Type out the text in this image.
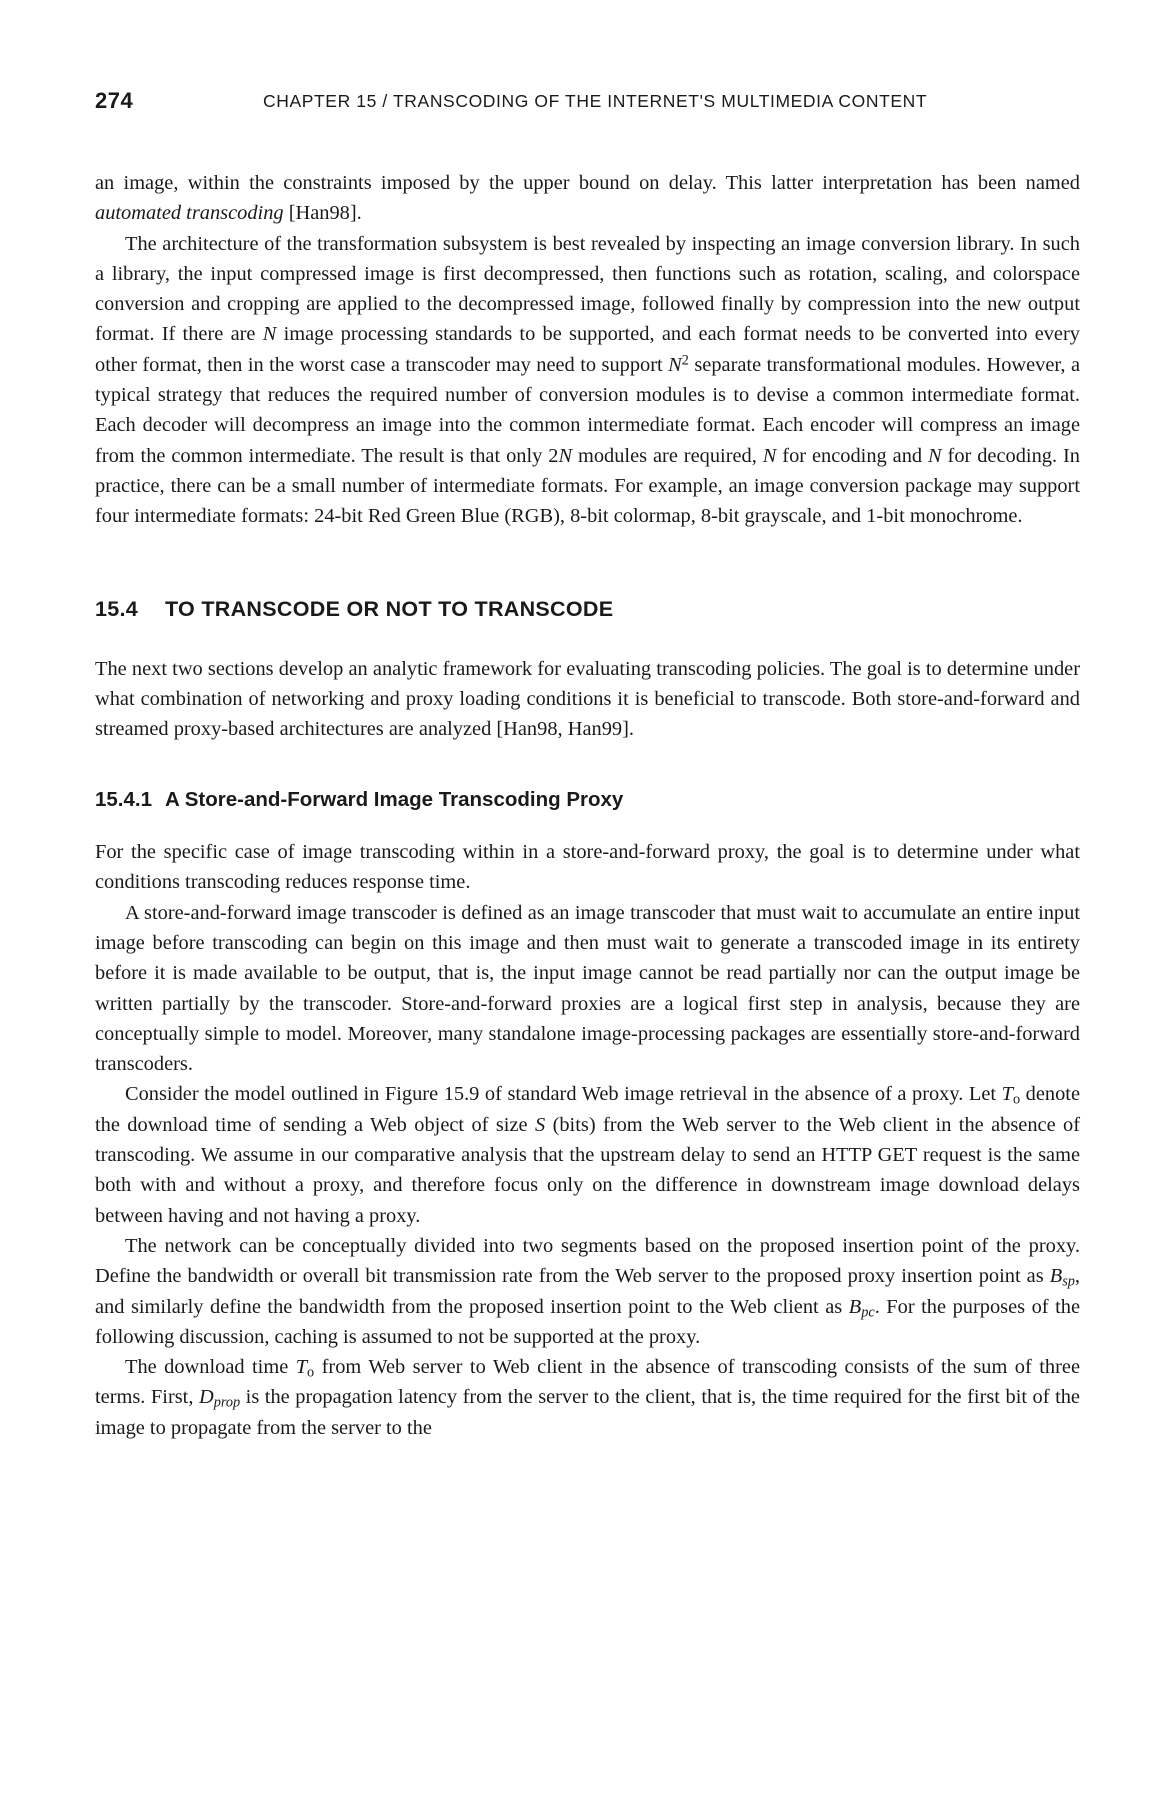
274	CHAPTER 15 / TRANSCODING OF THE INTERNET'S MULTIMEDIA CONTENT

an image, within the constraints imposed by the upper bound on delay. This latter interpretation has been named automated transcoding [Han98].

The architecture of the transformation subsystem is best revealed by inspecting an image conversion library. In such a library, the input compressed image is first decompressed, then functions such as rotation, scaling, and colorspace conversion and cropping are applied to the decompressed image, followed finally by compression into the new output format. If there are N image processing standards to be supported, and each format needs to be converted into every other format, then in the worst case a transcoder may need to support $N^2$ separate transformational modules. However, a typical strategy that reduces the required number of conversion modules is to devise a common intermediate format. Each decoder will decompress an image into the common intermediate format. Each encoder will compress an image from the common intermediate. The result is that only 2N modules are required, N for encoding and N for decoding. In practice, there can be a small number of intermediate formats. For example, an image conversion package may support four intermediate formats: 24-bit Red Green Blue (RGB), 8-bit colormap, 8-bit grayscale, and 1-bit monochrome.

15.4 TO TRANSCODE OR NOT TO TRANSCODE

The next two sections develop an analytic framework for evaluating transcoding policies. The goal is to determine under what combination of networking and proxy loading conditions it is beneficial to transcode. Both store-and-forward and streamed proxy-based architectures are analyzed [Han98, Han99].

15.4.1 A Store-and-Forward Image Transcoding Proxy

For the specific case of image transcoding within in a store-and-forward proxy, the goal is to determine under what conditions transcoding reduces response time.

A store-and-forward image transcoder is defined as an image transcoder that must wait to accumulate an entire input image before transcoding can begin on this image and then must wait to generate a transcoded image in its entirety before it is made available to be output, that is, the input image cannot be read partially nor can the output image be written partially by the transcoder. Store-and-forward proxies are a logical first step in analysis, because they are conceptually simple to model. Moreover, many standalone image-processing packages are essentially store-and-forward transcoders.

Consider the model outlined in Figure 15.9 of standard Web image retrieval in the absence of a proxy. Let $T_o$ denote the download time of sending a Web object of size S (bits) from the Web server to the Web client in the absence of transcoding. We assume in our comparative analysis that the upstream delay to send an HTTP GET request is the same both with and without a proxy, and therefore focus only on the difference in downstream image download delays between having and not having a proxy.

The network can be conceptually divided into two segments based on the proposed insertion point of the proxy. Define the bandwidth or overall bit transmission rate from the Web server to the proposed proxy insertion point as $B_{sp}$, and similarly define the bandwidth from the proposed insertion point to the Web client as $B_{pc}$. For the purposes of the following discussion, caching is assumed to not be supported at the proxy.

The download time $T_o$ from Web server to Web client in the absence of transcoding consists of the sum of three terms. First, $D_{prop}$ is the propagation latency from the server to the client, that is, the time required for the first bit of the image to propagate from the server to the
